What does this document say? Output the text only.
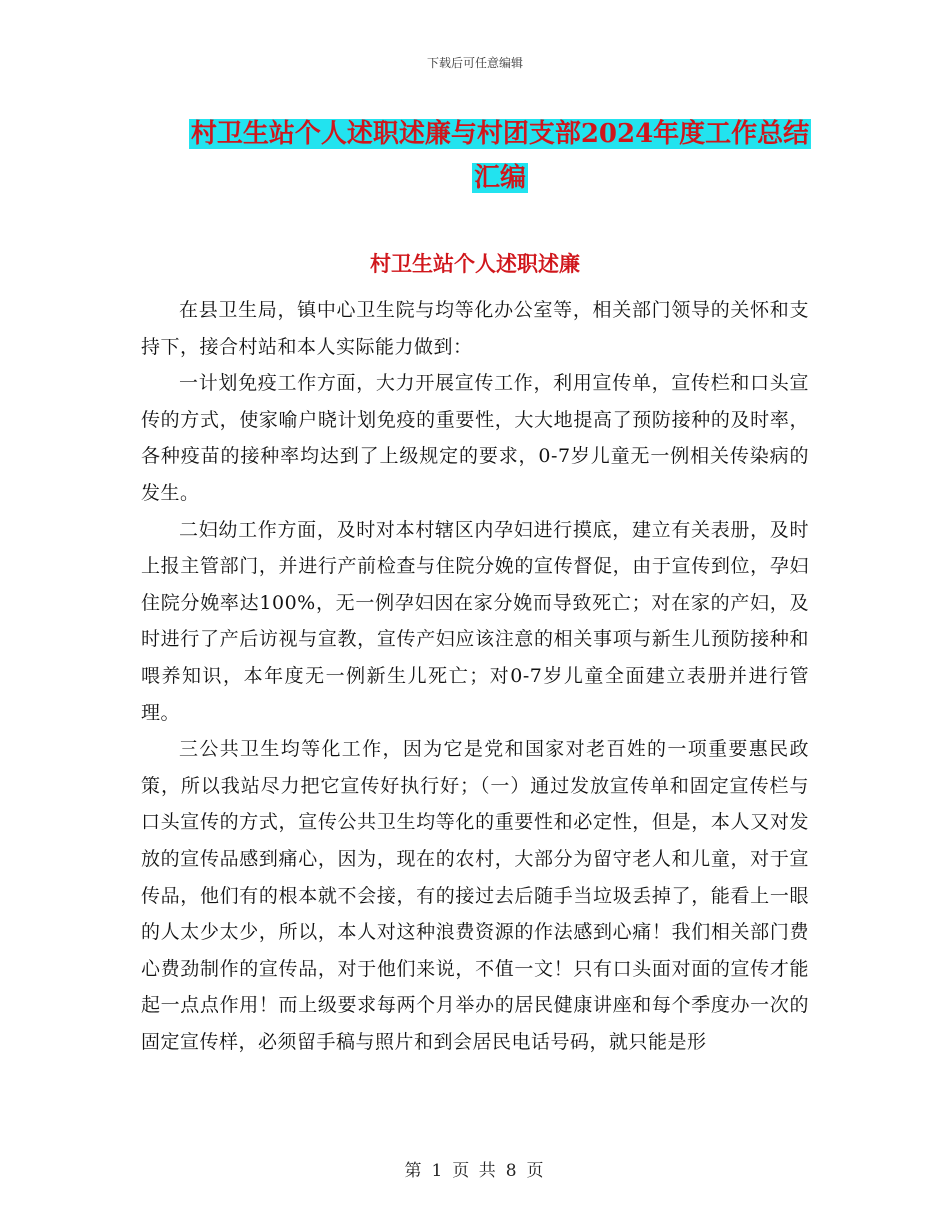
下载后可任意编辑
村卫生站个人述职述廉与村团支部2024年度工作总结
汇编
村卫生站个人述职述廉

在县卫生局，镇中心卫生院与均等化办公室等，相关部门领导的关怀和支持下，接合村站和本人实际能力做到：

一计划免疫工作方面，大力开展宣传工作，利用宣传单，宣传栏和口头宣传的方式，使家喻户晓计划免疫的重要性，大大地提高了预防接种的及时率，各种疫苗的接种率均达到了上级规定的要求，0-7岁儿童无一例相关传染病的发生。

二妇幼工作方面，及时对本村辖区内孕妇进行摸底，建立有关表册，及时上报主管部门，并进行产前检查与住院分娩的宣传督促，由于宣传到位，孕妇住院分娩率达100%，无一例孕妇因在家分娩而导致死亡；对在家的产妇，及时进行了产后访视与宣教，宣传产妇应该注意的相关事项与新生儿预防接种和喂养知识，本年度无一例新生儿死亡；对0-7岁儿童全面建立表册并进行管理。

三公共卫生均等化工作，因为它是党和国家对老百姓的一项重要惠民政策，所以我站尽力把它宣传好执行好；（一）通过发放宣传单和固定宣传栏与口头宣传的方式，宣传公共卫生均等化的重要性和必定性，但是，本人又对发放的宣传品感到痛心，因为，现在的农村，大部分为留守老人和儿童，对于宣传品，他们有的根本就不会接，有的接过去后随手当垃圾丢掉了，能看上一眼的人太少太少，所以，本人对这种浪费资源的作法感到心痛！我们相关部门费心费劲制作的宣传品，对于他们来说，不值一文！只有口头面对面的宣传才能起一点点作用！而上级要求每两个月举办的居民健康讲座和每个季度办一次的固定宣传样，必须留手稿与照片和到会居民电话号码，就只能是形

第 1 页 共 8 页
